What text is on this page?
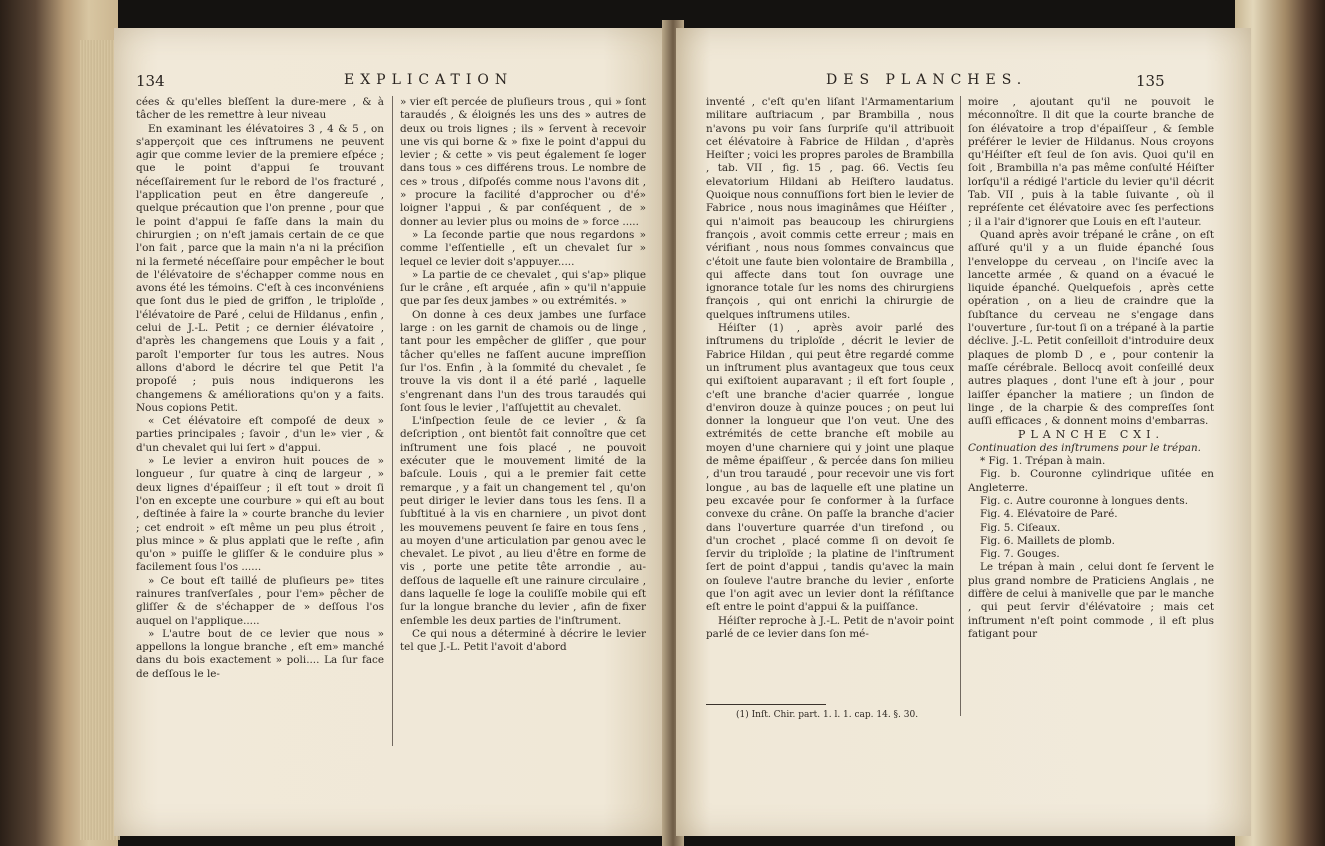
134	EXPLICATION

cées & qu'elles bleſſent la dure-mere , & à tâcher de les remettre à leur niveau

En examinant les élévatoires 3 , 4 & 5 , on s'apperçoit que ces inſtrumens ne peuvent agir que comme levier de la premiere eſpéce ; que le point d'appui ſe trouvant néceſſairement ſur le rebord de l'os fracturé , l'application peut en être dangereuſe , quelque précaution que l'on prenne , pour que le point d'appui ſe faſſe dans la main du chirurgien ; on n'eſt jamais certain de ce que l'on fait , parce que la main n'a ni la préciſion ni la fermeté néceſſaire pour empêcher le bout de l'élévatoire de s'échapper comme nous en avons été les témoins. C'eſt à ces inconvéniens que ſont dus le pied de griffon , le triploïde , l'élévatoire de Paré , celui de Hildanus , enfin , celui de J.-L. Petit ; ce dernier élévatoire , d'après les changemens que Louis y a fait , paroît l'emporter ſur tous les autres. Nous allons d'abord le décrire tel que Petit l'a propoſé ; puis nous indiquerons les changemens & améliorations qu'on y a faits. Nous copions Petit.

« Cet élévatoire eſt compoſé de deux » parties principales ; ſavoir , d'un le» vier , & d'un chevalet qui lui ſert » d'appui.

» Le levier a environ huit pouces de » longueur , ſur quatre à cinq de largeur , » deux lignes d'épaiſſeur ; il eſt tout » droit ſi l'on en excepte une courbure » qui eſt au bout , deſtinée à faire la » courte branche du levier ; cet endroit » eſt même un peu plus étroit , plus mince » & plus applati que le reſte , afin qu'on » puiſſe le gliſſer & le conduire plus » facilement ſous l'os ......

» Ce bout eſt taillé de pluſieurs pe» tites rainures tranſverſales , pour l'em» pêcher de gliſſer & de s'échapper de » deſſous l'os auquel on l'applique.....

» L'autre bout de ce levier que nous » appellons la longue branche , eſt em» manché dans du bois exactement » poli.... La ſur face de deſſous le le-

» vier eſt percée de pluſieurs trous , qui » ſont taraudés , & éloignés les uns des » autres de deux ou trois lignes ; ils » ſervent à recevoir une vis qui borne & » fixe le point d'appui du levier ; & cette » vis peut également ſe loger dans tous » ces différens trous. Le nombre de ces » trous , diſpoſés comme nous l'avons dit , » procure la facilité d'approcher ou d'é» loigner l'appui , & par conſéquent , de » donner au levier plus ou moins de » force .....

» La ſeconde partie que nous regardons » comme l'eſſentielle , eſt un chevalet ſur » lequel ce levier doit s'appuyer.....

» La partie de ce chevalet , qui s'ap» plique ſur le crâne , eſt arquée , afin » qu'il n'appuie que par ſes deux jambes » ou extrémités. »

On donne à ces deux jambes une ſurface large : on les garnit de chamois ou de linge , tant pour les empêcher de gliſſer , que pour tâcher qu'elles ne faſſent aucune impreſſion ſur l'os. Enfin , à la ſommité du chevalet , ſe trouve la vis dont il a été parlé , laquelle s'engrenant dans l'un des trous taraudés qui ſont ſous le levier , l'aſſujettit au chevalet.

L'inſpection ſeule de ce levier , & ſa deſcription , ont bientôt fait connoître que cet inſtrument une fois placé , ne pouvoit exécuter que le mouvement limité de la baſcule. Louis , qui a le premier fait cette remarque , y a fait un changement tel , qu'on peut diriger le levier dans tous les ſens. Il a ſubſtitué à la vis en charniere , un pivot dont les mouvemens peuvent ſe faire en tous ſens , au moyen d'une articulation par genou avec le chevalet. Le pivot , au lieu d'être en forme de vis , porte une petite tête arrondie , au-deſſous de laquelle eſt une rainure circulaire , dans laquelle ſe loge la couliſſe mobile qui eſt ſur la longue branche du levier , afin de fixer enſemble les deux parties de l'inſtrument.

Ce qui nous a déterminé à décrire le levier tel que J.-L. Petit l'avoit d'abord

DES PLANCHES.	135

inventé , c'eſt qu'en liſant l'Armamentarium militare auſtriacum , par Brambilla , nous n'avons pu voir ſans ſurpriſe qu'il attribuoit cet élévatoire à Fabrice de Hildan , d'après Heiſter ; voici les propres paroles de Brambilla , tab. VII , fig. 15 , pag. 66. Vectis ſeu elevatorium Hildani ab Heiſtero laudatus. Quoique nous connuſſions fort bien le levier de Fabrice , nous nous imaginâmes que Héiſter , qui n'aimoit pas beaucoup les chirurgiens françois , avoit commis cette erreur ; mais en vérifiant , nous nous ſommes convaincus que c'étoit une faute bien volontaire de Brambilla , qui affecte dans tout ſon ouvrage une ignorance totale ſur les noms des chirurgiens françois , qui ont enrichi la chirurgie de quelques inſtrumens utiles.

Héiſter (1) , après avoir parlé des inſtrumens du triploïde , décrit le levier de Fabrice Hildan , qui peut être regardé comme un inſtrument plus avantageux que tous ceux qui exiſtoient auparavant ; il eſt fort ſouple , c'eſt une branche d'acier quarrée , longue d'environ douze à quinze pouces ; on peut lui donner la longueur que l'on veut. Une des extrémités de cette branche eſt mobile au moyen d'une charniere qui y joint une plaque de même épaiſſeur , & percée dans ſon milieu , d'un trou taraudé , pour recevoir une vis fort longue , au bas de laquelle eſt une platine un peu excavée pour ſe conformer à la ſurface convexe du crâne. On paſſe la branche d'acier dans l'ouverture quarrée d'un tirefond , ou d'un crochet , placé comme ſi on devoit ſe ſervir du triploïde ; la platine de l'inſtrument ſert de point d'appui , tandis qu'avec la main on ſouleve l'autre branche du levier , enſorte que l'on agit avec un levier dont la réſiſtance eſt entre le point d'appui & la puiſſance.

Héiſter reproche à J.-L. Petit de n'avoir point parlé de ce levier dans ſon mé-

(1) Inſt. Chir. part. 1. l. 1. cap. 14. §. 30.

moire , ajoutant qu'il ne pouvoit le méconnoître. Il dit que la courte branche de ſon élévatoire a trop d'épaiſſeur , & ſemble préférer le levier de Hildanus. Nous croyons qu'Héiſter eſt ſeul de ſon avis. Quoi qu'il en ſoit , Brambilla n'a pas même conſulté Héiſter lorſqu'il a rédigé l'article du levier qu'il décrit Tab. VII , puis à la table ſuivante , où il repréſente cet élévatoire avec ſes perfections ; il a l'air d'ignorer que Louis en eſt l'auteur.

Quand après avoir trépané le crâne , on eſt aſſuré qu'il y a un fluide épanché ſous l'enveloppe du cerveau , on l'inciſe avec la lancette armée , & quand on a évacué le liquide épanché. Quelquefois , après cette opération , on a lieu de craindre que la ſubſtance du cerveau ne s'engage dans l'ouverture , ſur-tout ſi on a trépané à la partie déclive. J.-L. Petit conſeilloit d'introduire deux plaques de plomb D , e , pour contenir la maſſe cérébrale. Bellocq avoit conſeillé deux autres plaques , dont l'une eſt à jour , pour laiſſer épancher la matiere ; un ſindon de linge , de la charpie & des compreſſes ſont auſſi efficaces , & donnent moins d'embarras.

PLANCHE CXI.

Continuation des inſtrumens pour le trépan.

* Fig. 1. Trépan à main.

Fig. b. Couronne cylindrique uſitée en Angleterre.

Fig. c. Autre couronne à longues dents.

Fig. 4. Elévatoire de Paré.

Fig. 5. Ciſeaux.

Fig. 6. Maillets de plomb.

Fig. 7. Gouges.

Le trépan à main , celui dont ſe ſervent le plus grand nombre de Praticiens Anglais , ne diffère de celui à manivelle que par le manche , qui peut ſervir d'élévatoire ; mais cet inſtrument n'eſt point commode , il eſt plus fatigant pour
